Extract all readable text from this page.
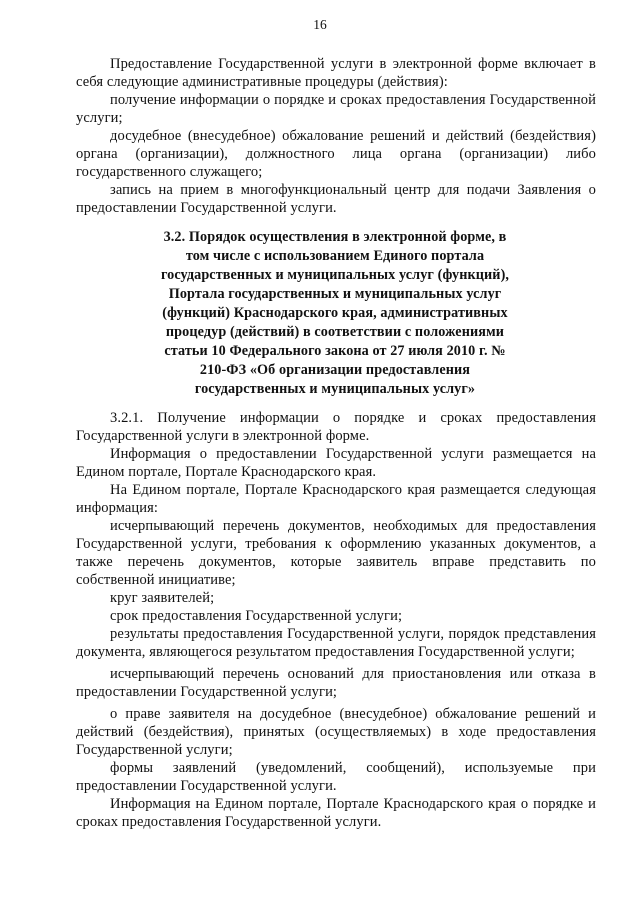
16

Предоставление Государственной услуги в электронной форме включает в себя следующие административные процедуры (действия):

получение информации о порядке и сроках предоставления Государственной услуги;

досудебное (внесудебное) обжалование решений и действий (бездействия) органа (организации), должностного лица органа (организации) либо государственного служащего;

запись на прием в многофункциональный центр для подачи Заявления о предоставлении Государственной услуги.

3.2. Порядок осуществления в электронной форме, в том числе с использованием Единого портала государственных и муниципальных услуг (функций), Портала государственных и муниципальных услуг (функций) Краснодарского края, административных процедур (действий) в соответствии с положениями статьи 10 Федерального закона от 27 июля 2010 г. № 210-ФЗ «Об организации предоставления государственных и муниципальных услуг»

3.2.1. Получение информации о порядке и сроках предоставления Государственной услуги в электронной форме.

Информация о предоставлении Государственной услуги размещается на Едином портале, Портале Краснодарского края.

На Едином портале, Портале Краснодарского края размещается следующая информация:

исчерпывающий перечень документов, необходимых для предоставления Государственной услуги, требования к оформлению указанных документов, а также перечень документов, которые заявитель вправе представить по собственной инициативе;

круг заявителей;

срок предоставления Государственной услуги;

результаты предоставления Государственной услуги, порядок представления документа, являющегося результатом предоставления Государственной услуги;

исчерпывающий перечень оснований для приостановления или отказа в предоставлении Государственной услуги;

о праве заявителя на досудебное (внесудебное) обжалование решений и действий (бездействия), принятых (осуществляемых) в ходе предоставления Государственной услуги;

формы заявлений (уведомлений, сообщений), используемые при предоставлении Государственной услуги.

Информация на Едином портале, Портале Краснодарского края о порядке и сроках предоставления Государственной услуги.
